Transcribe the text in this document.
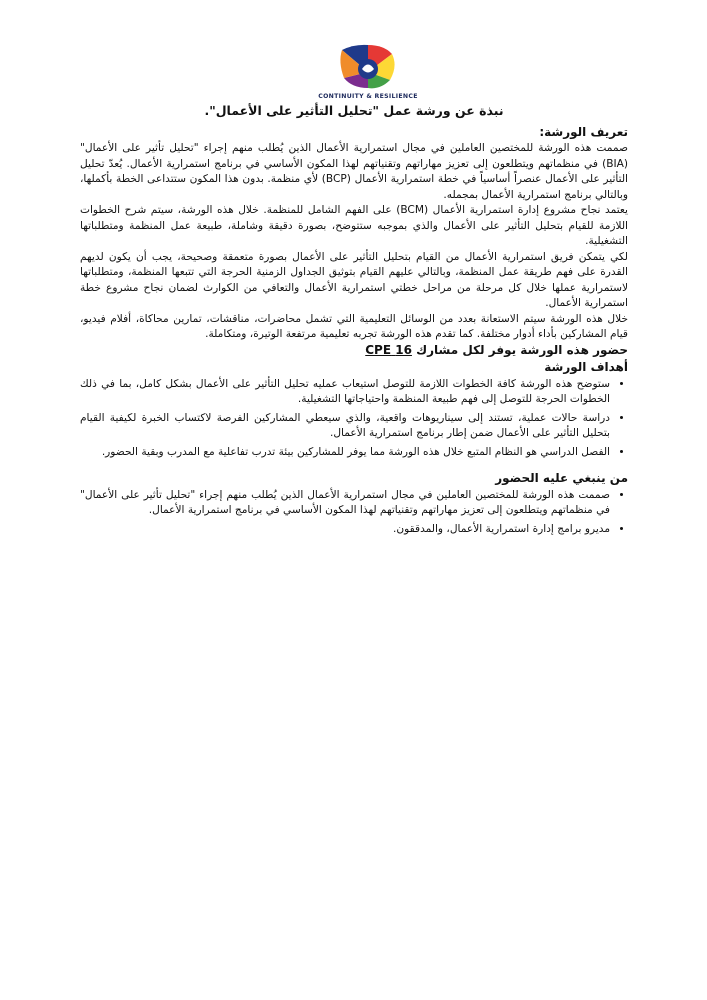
CONTINUITY & RESILIENCE
نبذة عن ورشة عمل "تحليل التأثير على الأعمال".
تعريف الورشة:

صممت هذه الورشة للمختصين العاملين في مجال استمرارية الأعمال الذين يُطلب منهم إجراء "تحليل تأثير على الأعمال" (BIA) في منظماتهم ويتطلعون إلى تعزيز مهاراتهم وتقنياتهم لهذا المكون الأساسي في برنامج استمرارية الأعمال. يُعدّ تحليل التأثير على الأعمال عنصراً أساسياً في خطة استمرارية الأعمال (BCP) لأي منظمة. بدون هذا المكون ستتداعى الخطة بأكملها، وبالتالي برنامج استمرارية الأعمال بمجمله.

يعتمد نجاح مشروع إدارة استمرارية الأعمال (BCM) على الفهم الشامل للمنظمة. خلال هذه الورشة، سيتم شرح الخطوات اللازمة للقيام بتحليل التأثير على الأعمال والذي بموجبه ستتوضح، بصورة دقيقة وشاملة، طبيعة عمل المنظمة ومتطلباتها التشغيلية.

لكي يتمكن فريق استمرارية الأعمال من القيام بتحليل التأثير على الأعمال بصورة متعمقة وصحيحة، يجب أن يكون لديهم القدرة على فهم طريقة عمل المنظمة، وبالتالي عليهم القيام بتوثيق الجداول الزمنية الحرجة التي تتبعها المنظمة، ومتطلباتها لاستمرارية عملها خلال كل مرحلة من مراحل خطتي استمرارية الأعمال والتعافي من الكوارث لضمان نجاح مشروع خطة استمرارية الأعمال.

خلال هذه الورشة سيتم الاستعانة بعدد من الوسائل التعليمية التي تشمل محاضرات، مناقشات، تمارين محاكاة، أفلام فيديو، قيام المشاركين بأداء أدوار مختلفة. كما تقدم هذه الورشة تجربه تعليمية مرتفعة الوتيرة، ومتكاملة.

حضور هذه الورشة يوفر لكل مشارك 16 CPE
أهداف الورشة
• ستوضح هذه الورشة كافة الخطوات اللازمة للتوصل استيعاب عمليه تحليل التأثير على الأعمال بشكل كامل، بما في ذلك الخطوات الحرجة للتوصل إلى فهم طبيعة المنظمة واحتياجاتها التشغيلية.
• دراسة حالات عملية، تستند إلى سيناريوهات واقعية، والذي سيعطي المشاركين الفرصة لاكتساب الخبرة لكيفية القيام بتحليل التأثير على الأعمال ضمن إطار برنامج استمرارية الأعمال.
• الفصل الدراسي هو النظام المتبع خلال هذه الورشة مما يوفر للمشاركين بيئة تدرب تفاعلية مع المدرب وبقية الحضور.
من ينبغي عليه الحضور
• صممت هذه الورشة للمختصين العاملين في مجال استمرارية الأعمال الذين يُطلب منهم إجراء "تحليل تأثير على الأعمال" في منظماتهم ويتطلعون إلى تعزيز مهاراتهم وتقنياتهم لهذا المكون الأساسي في برنامج استمرارية الأعمال.
• مديرو برامج إدارة استمرارية الأعمال، والمدققون.
